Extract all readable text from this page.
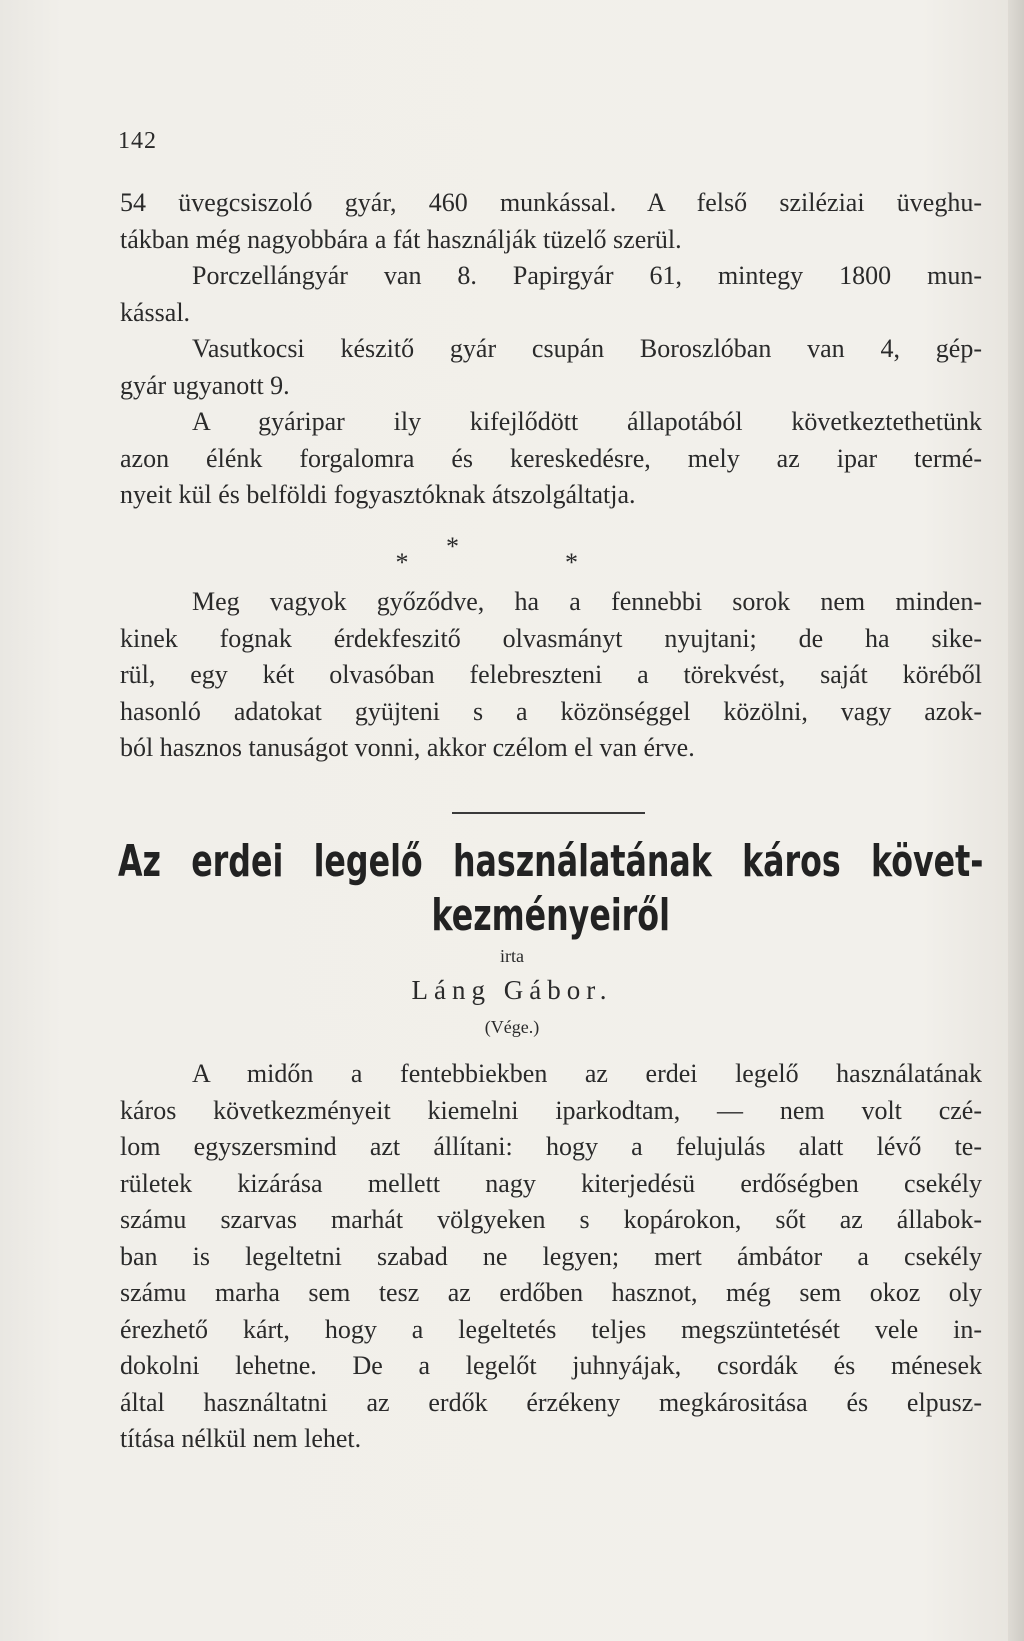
142
54 üvegcsiszoló gyár, 460 munkással. A felső sziléziai üveghu-
tákban még nagyobbára a fát használják tüzelő szerül.
Porczellángyár van 8. Papirgyár 61, mintegy 1800 mun-
kással.
Vasutkocsi készitő gyár csupán Boroszlóban van 4, gép-
gyár ugyanott 9.
A gyáripar ily kifejlődött állapotából következtethetünk
azon élénk forgalomra és kereskedésre, mely az ipar termé-
nyeit kül és belföldi fogyasztóknak átszolgáltatja.
* *	*
Meg vagyok győződve, ha a fennebbi sorok nem minden-
kinek fognak érdekfeszitő olvasmányt nyujtani; de ha sike-
rül, egy két olvasóban felebreszteni a törekvést, saját köréből
hasonló adatokat gyüjteni s a közönséggel közölni, vagy azok-
ból hasznos tanuságot vonni, akkor czélom el van érve.
Az erdei legelő használatának káros követ-
kezményeiről
irta
Láng Gábor.
(Vége.)
A midőn a fentebbiekben az erdei legelő használatának
káros következményeit kiemelni iparkodtam, — nem volt czé-
lom egyszersmind azt állítani: hogy a felujulás alatt lévő te-
rületek kizárása mellett nagy kiterjedésü erdőségben csekély
számu szarvas marhát völgyeken s kopárokon, sőt az állabok-
ban is legeltetni szabad ne legyen; mert ámbátor a csekély
számu marha sem tesz az erdőben hasznot, még sem okoz oly
érezhető kárt, hogy a legeltetés teljes megszüntetését vele in-
dokolni lehetne. De a legelőt juhnyájak, csordák és ménesek
által használtatni az erdők érzékeny megkárositása és elpusz-
títása nélkül nem lehet.
